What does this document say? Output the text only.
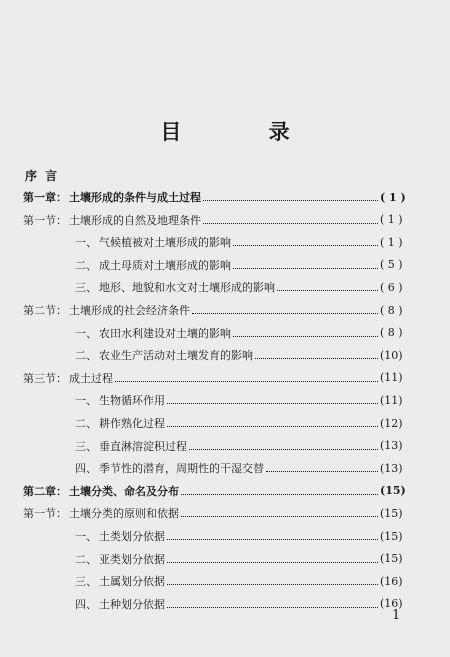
目 录
序 言
第一章： 土壤形成的条件与成土过程	( 1 )
第一节： 土壤形成的自然及地理条件	( 1 )
一、 气候植被对土壤形成的影响	( 1 )
二、 成土母质对土壤形成的影响	( 5 )
三、 地形、地貌和水文对土壤形成的影响	( 6 )
第二节： 土壤形成的社会经济条件	( 8 )
一、 农田水利建设对土壤的影响	( 8 )
二、 农业生产活动对土壤发育的影响	(10)
第三节： 成土过程	(11)
一、 生物循环作用	(11)
二、 耕作熟化过程	(12)
三、 垂直淋溶淀积过程	(13)
四、 季节性的潜育，周期性的干湿交替	(13)
第二章： 土壤分类、命名及分布	(15)
第一节： 土壤分类的原则和依据	(15)
一、 土类划分依据	(15)
二、 亚类划分依据	(15)
三、 土属划分依据	(16)
四、 土种划分依据	(16)
1
